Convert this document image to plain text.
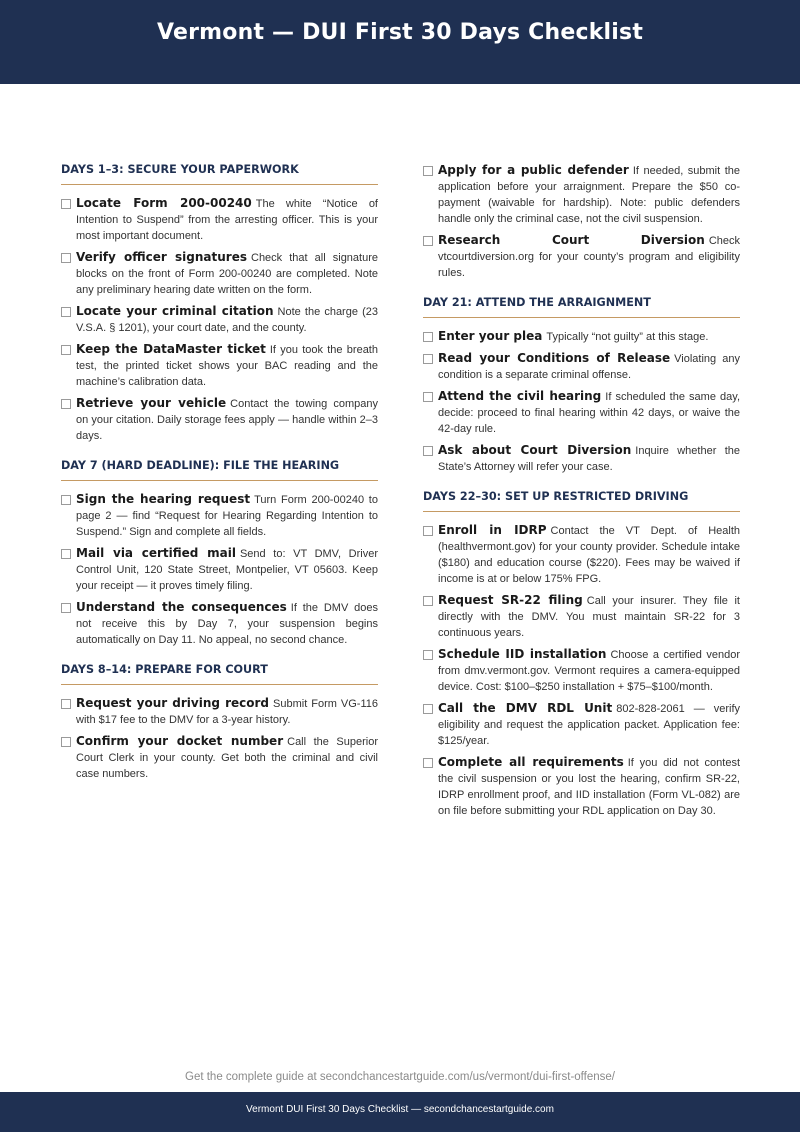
Vermont — DUI First 30 Days Checklist
DAYS 1–3: SECURE YOUR PAPERWORK
Locate Form 200-00240 The white “Notice of Intention to Suspend” from the arresting officer. This is your most important document.
Verify officer signatures Check that all signature blocks on the front of Form 200-00240 are completed. Note any preliminary hearing date written on the form.
Locate your criminal citation Note the charge (23 V.S.A. § 1201), your court date, and the county.
Keep the DataMaster ticket If you took the breath test, the printed ticket shows your BAC reading and the machine’s calibration data.
Retrieve your vehicle Contact the towing company on your citation. Daily storage fees apply — handle within 2–3 days.
DAY 7 (HARD DEADLINE): FILE THE HEARING
Sign the hearing request Turn Form 200-00240 to page 2 — find “Request for Hearing Regarding Intention to Suspend.” Sign and complete all fields.
Mail via certified mail Send to: VT DMV, Driver Control Unit, 120 State Street, Montpelier, VT 05603. Keep your receipt — it proves timely filing.
Understand the consequences If the DMV does not receive this by Day 7, your suspension begins automatically on Day 11. No appeal, no second chance.
DAYS 8–14: PREPARE FOR COURT
Request your driving record Submit Form VG-116 with $17 fee to the DMV for a 3-year history.
Confirm your docket number Call the Superior Court Clerk in your county. Get both the criminal and civil case numbers.
Apply for a public defender If needed, submit the application before your arraignment. Prepare the $50 co-payment (waivable for hardship). Note: public defenders handle only the criminal case, not the civil suspension.
Research Court Diversion Check vtcourtdiversion.org for your county’s program and eligibility rules.
DAY 21: ATTEND THE ARRAIGNMENT
Enter your plea Typically “not guilty” at this stage.
Read your Conditions of Release Violating any condition is a separate criminal offense.
Attend the civil hearing If scheduled the same day, decide: proceed to final hearing within 42 days, or waive the 42-day rule.
Ask about Court Diversion Inquire whether the State’s Attorney will refer your case.
DAYS 22–30: SET UP RESTRICTED DRIVING
Enroll in IDRP Contact the VT Dept. of Health (healthvermont.gov) for your county provider. Schedule intake ($180) and education course ($220). Fees may be waived if income is at or below 175% FPG.
Request SR-22 filing Call your insurer. They file it directly with the DMV. You must maintain SR-22 for 3 continuous years.
Schedule IID installation Choose a certified vendor from dmv.vermont.gov. Vermont requires a camera-equipped device. Cost: $100–$250 installation + $75–$100/month.
Call the DMV RDL Unit 802-828-2061 — verify eligibility and request the application packet. Application fee: $125/year.
Complete all requirements If you did not contest the civil suspension or you lost the hearing, confirm SR-22, IDRP enrollment proof, and IID installation (Form VL-082) are on file before submitting your RDL application on Day 30.
Get the complete guide at secondchancestartguide.com/us/vermont/dui-first-offense/
Vermont DUI First 30 Days Checklist — secondchancestartguide.com
